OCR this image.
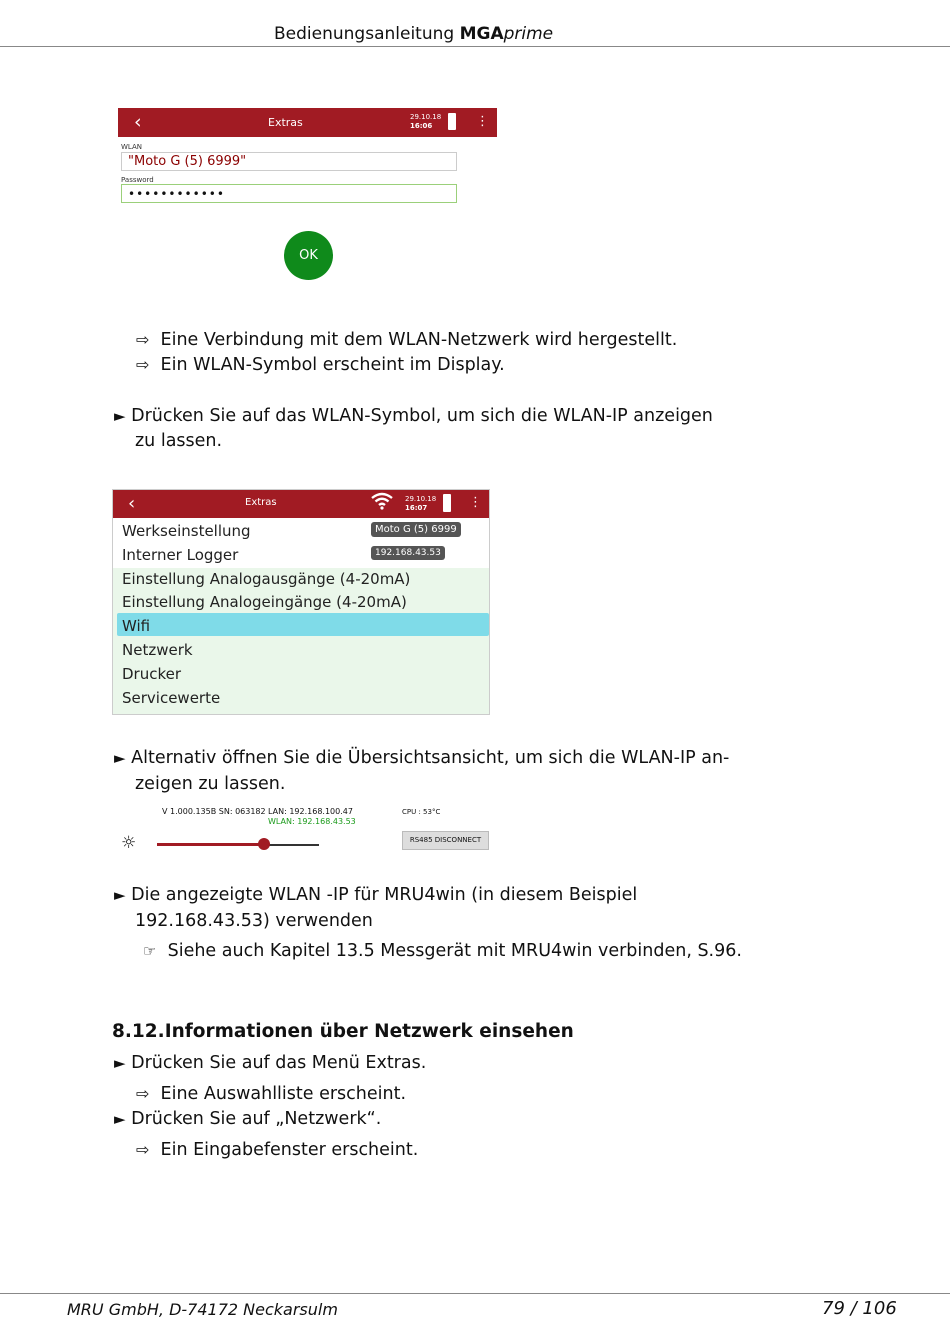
Bedienungsanleitung MGAprime
‹	Extras	29.10.18
16:06	⋮
WLAN
"Moto G (5) 6999"
Password
••••••••••••
OK
⇨ Eine Verbindung mit dem WLAN-Netzwerk wird hergestellt.
⇨ Ein WLAN-Symbol erscheint im Display.
► Drücken Sie auf das WLAN-Symbol, um sich die WLAN-IP anzeigen
zu lassen.
‹	Extras	29.10.18
16:07	⋮
Werkseinstellung
Interner Logger
Einstellung Analogausgänge (4-20mA)
Einstellung Analogeingänge (4-20mA)
Wifi
Netzwerk
Drucker
Servicewerte
Moto G (5) 6999
192.168.43.53
► Alternativ öffnen Sie die Übersichtsansicht, um sich die WLAN-IP an-
zeigen zu lassen.
V 1.000.135B SN: 063182 LAN: 192.168.100.47
WLAN: 192.168.43.53
CPU : 53°C
☼	RS485 DISCONNECT
► Die angezeigte WLAN -IP für MRU4win (in diesem Beispiel
192.168.43.53) verwenden
☞ Siehe auch Kapitel 13.5 Messgerät mit MRU4win verbinden, S.96.
8.12.Informationen über Netzwerk einsehen
► Drücken Sie auf das Menü Extras.
⇨ Eine Auswahlliste erscheint.
► Drücken Sie auf „Netzwerk“.
⇨ Ein Eingabefenster erscheint.
MRU GmbH, D-74172 Neckarsulm	79 / 106
